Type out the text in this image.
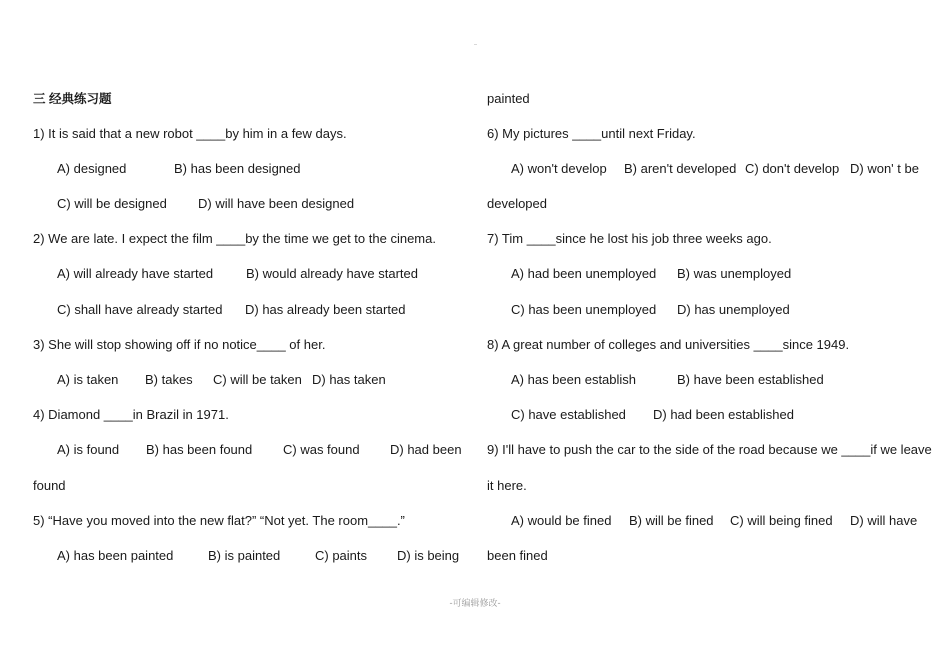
三 经典练习题
1) It is said that a new robot ____by him in a few days.
A) designed	B) has been designed
C) will be designed D) will have been designed
2) We are late. I expect the film ____by the time we get to the cinema.
A) will already have started	B) would already have started
C) shall have already started D) has already been started
3) She will stop showing off if no notice____ of her.
A) is taken B) takes C) will be taken D) has taken
4) Diamond ____in Brazil in 1971.
A) is found B) has been found C) was found D) had been
found
5) “Have you moved into the new flat?” “Not yet. The room____.”
A) has been painted	B) is painted	C) paints D) is being
painted
6) My pictures ____until next Friday.
A) won't develop B) aren't developed C) don't develop D) won' t be
developed
7) Tim ____since he lost his job three weeks ago.
A) had been unemployed B) was unemployed
C) has been unemployed D) has unemployed
8) A great number of colleges and universities ____since 1949.
A) has been establish	B) have been established
C) have established D) had been established
9) I'll have to push the car to the side of the road because we ____if we leave
it here.
A) would be fined B) will be fined C) will being fined D) will have
been fined
-可编辑修改-
